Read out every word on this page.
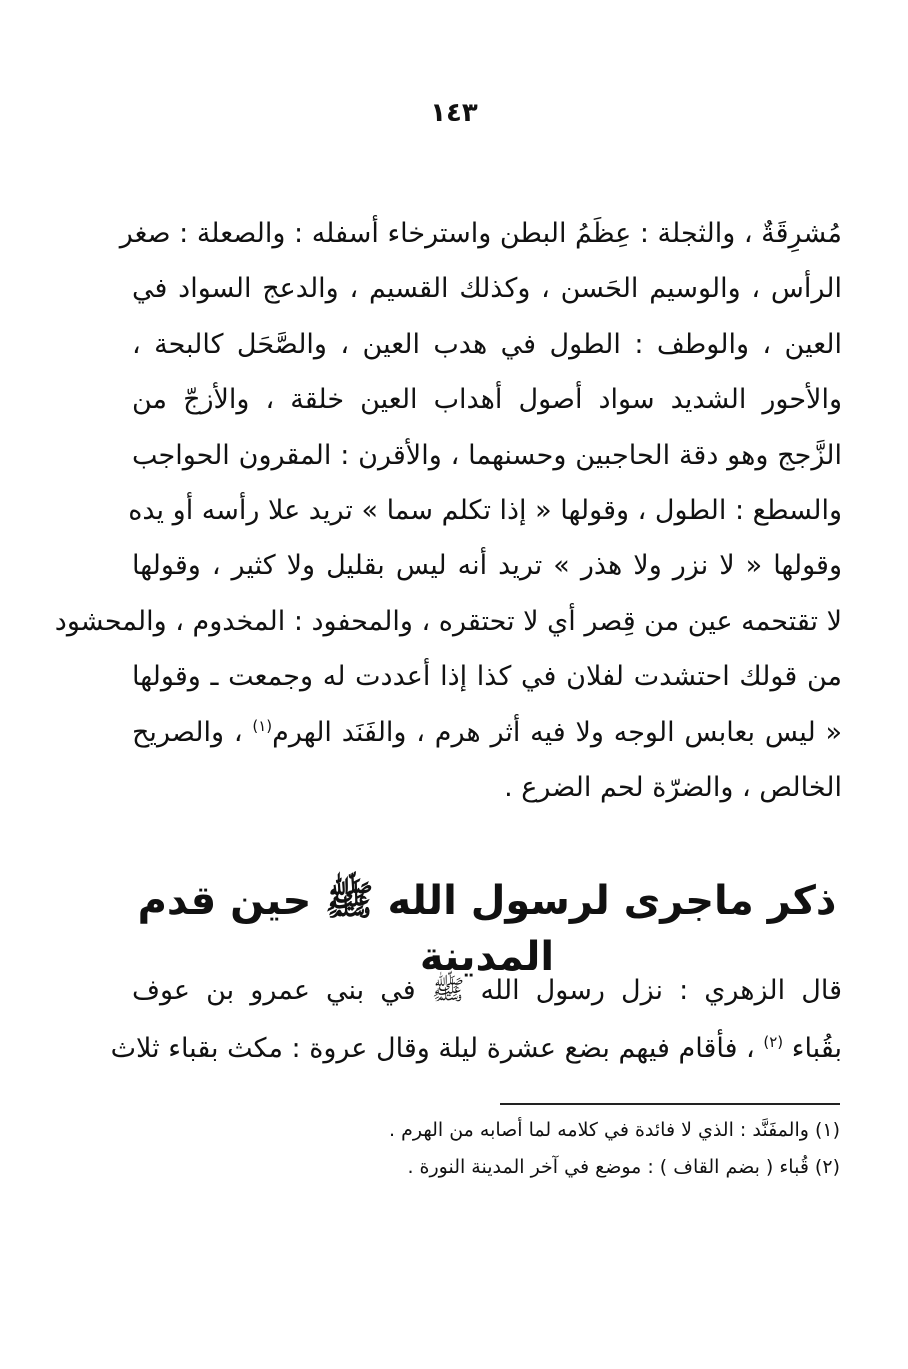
١٤٣
مُشرِقَةٌ ، والثجلة : عِظَمُ البطن واسترخاء أسفله : والصعلة : صغر
الرأس ، والوسيم الحَسن ، وكذلك القسيم ، والدعج السواد في
العين ، والوطف : الطول في هدب العين ، والصَّحَل كالبحة ،
والأحور الشديد سواد أصول أهداب العين خلقة ، والأزجّ من
الزَّجج وهو دقة الحاجبين وحسنهما ، والأقرن : المقرون الحواجب
والسطع : الطول ، وقولها « إذا تكلم سما » تريد علا رأسه أو يده
وقولها « لا نزر ولا هذر » تريد أنه ليس بقليل ولا كثير ، وقولها
لا تقتحمه عين من قِصر أي لا تحتقره ، والمحفود : المخدوم ، والمحشود
من قولك احتشدت لفلان في كذا إذا أعددت له وجمعت ـ وقولها
« ليس بعابس الوجه ولا فيه أثر هرم ، والفَنَد الهرم$^{(١)}$ ، والصريح
الخالص ، والضرّة لحم الضرع .
ذكر ماجرى لرسول الله ﷺ حين قدم المدينة
قال الزهري : نزل رسول الله ﷺ في بني عمرو بن عوف
بقُباء $^{(٢)}$ ، فأقام فيهم بضع عشرة ليلة وقال عروة : مكث بقباء ثلاث
(١) والمفَنَّد : الذي لا فائدة في كلامه لما أصابه من الهرم .
(٢) قُباء ( بضم القاف ) : موضع في آخر المدينة النورة .
